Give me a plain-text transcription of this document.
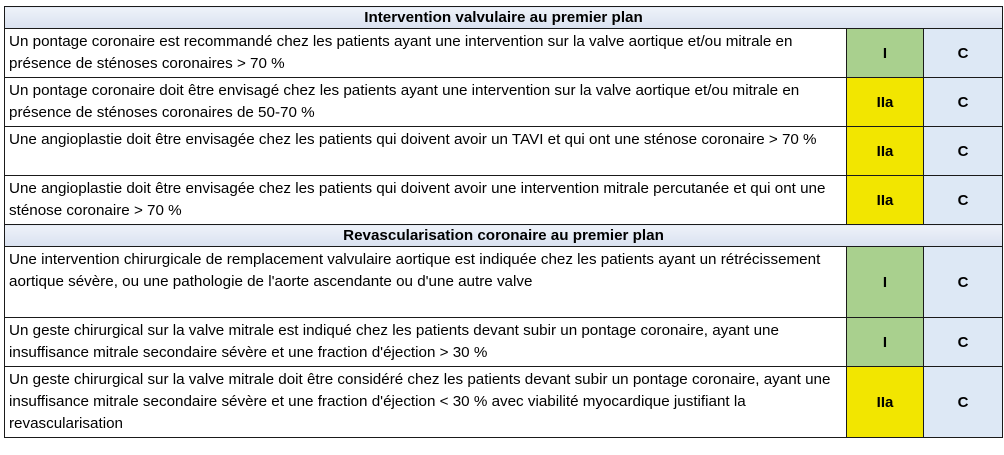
Intervention valvulaire au premier plan		
Un pontage coronaire est recommandé chez les patients ayant une intervention sur la valve aortique et/ou mitrale en présence de sténoses coronaires > 70 %	I	C
Un pontage coronaire doit être envisagé chez les patients ayant une intervention sur la valve aortique et/ou mitrale en présence de sténoses coronaires de 50-70 %	IIa	C
Une angioplastie doit être envisagée chez les patients qui doivent avoir un TAVI et qui ont une sténose coronaire > 70 %	IIa	C
Une angioplastie doit être envisagée chez les patients qui doivent avoir une intervention mitrale percutanée et qui ont une sténose coronaire > 70 %	IIa	C
Revascularisation coronaire au premier plan		
Une intervention chirurgicale de remplacement valvulaire aortique est indiquée chez les patients ayant un rétrécissement aortique sévère, ou une pathologie de l'aorte ascendante ou d'une autre valve	I	C
Un geste chirurgical sur la valve mitrale est indiqué chez les patients devant subir un pontage coronaire, ayant une insuffisance mitrale secondaire sévère et une fraction d'éjection > 30 %	I	C
Un geste chirurgical sur la valve mitrale doit être considéré chez les patients devant subir un pontage coronaire, ayant une insuffisance mitrale secondaire sévère et une fraction d'éjection < 30 % avec viabilité myocardique justifiant la revascularisation	IIa	C
